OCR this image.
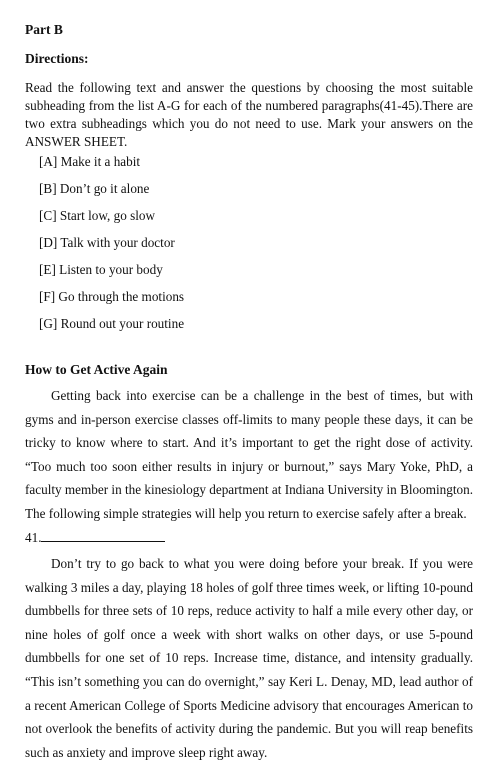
Part B
Directions:
Read the following text and answer the questions by choosing the most suitable subheading from the list A-G for each of the numbered paragraphs(41-45).There are two extra subheadings which you do not need to use. Mark your answers on the ANSWER SHEET.
[A] Make it a habit
[B] Don’t go it alone
[C] Start low, go slow
[D] Talk with your doctor
[E] Listen to your body
[F] Go through the motions
[G] Round out your routine
How to Get Active Again
Getting back into exercise can be a challenge in the best of times, but with gyms and in-person exercise classes off-limits to many people these days, it can be tricky to know where to start. And it’s important to get the right dose of activity. “Too much too soon either results in injury or burnout,” says Mary Yoke, PhD, a faculty member in the kinesiology department at Indiana University in Bloomington. The following simple strategies will help you return to exercise safely after a break.
41.
Don’t try to go back to what you were doing before your break. If you were walking 3 miles a day, playing 18 holes of golf three times week, or lifting 10-pound dumbbells for three sets of 10 reps, reduce activity to half a mile every other day, or nine holes of golf once a week with short walks on other days, or use 5-pound dumbbells for one set of 10 reps. Increase time, distance, and intensity gradually. “This isn’t something you can do overnight,” say Keri L. Denay, MD, lead author of a recent American College of Sports Medicine advisory that encourages American to not overlook the benefits of activity during the pandemic. But you will reap benefits such as anxiety and improve sleep right away.
